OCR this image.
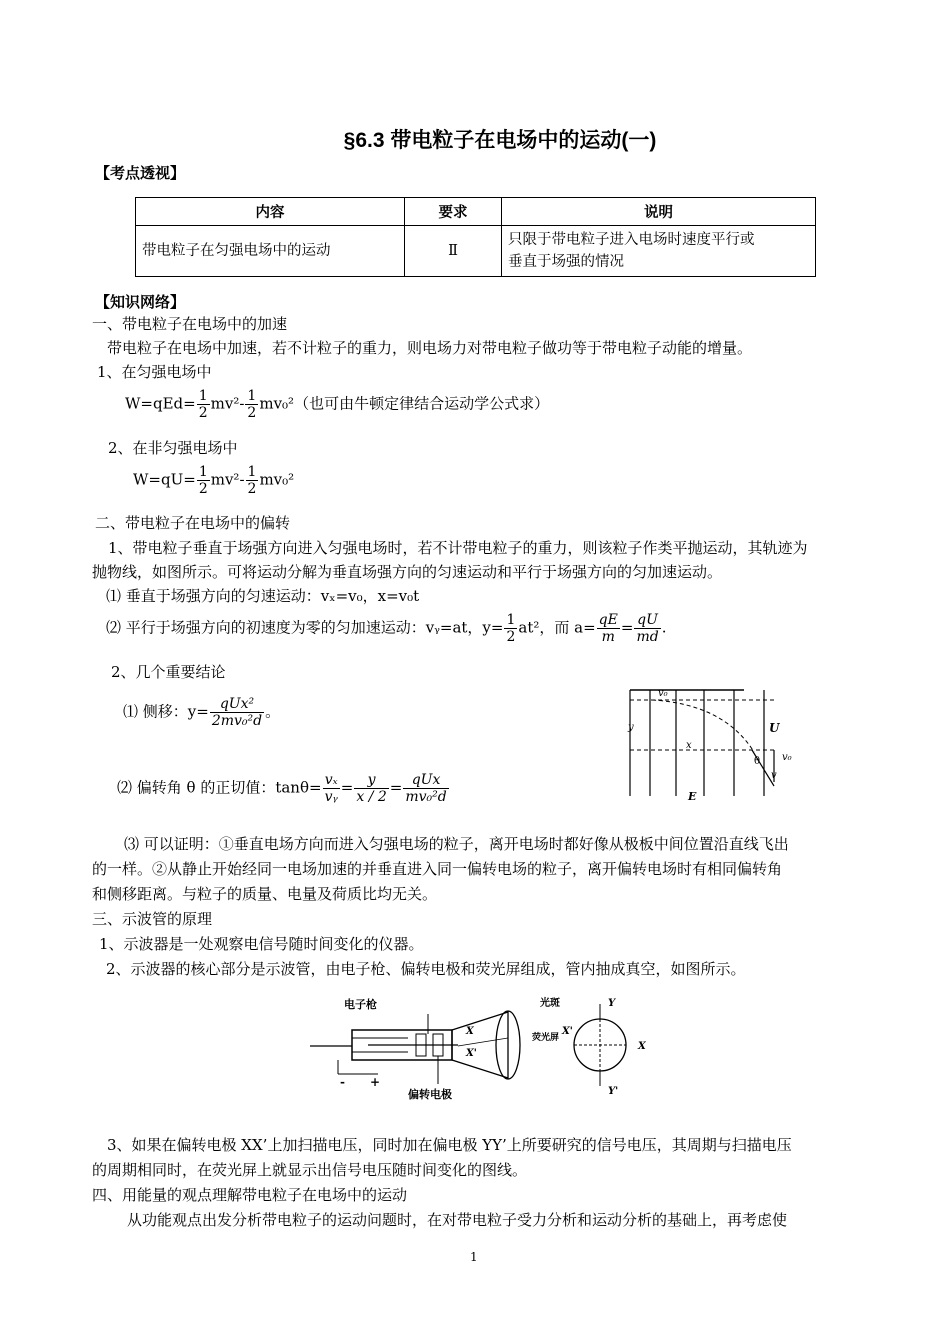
§6.3 带电粒子在电场中的运动(一)
【考点透视】
内容	要求	说明
带电粒子在匀强电场中的运动	Ⅱ	只限于带电粒子进入电场时速度平行或
垂直于场强的情况
【知识网络】
一、带电粒子在电场中的加速
带电粒子在电场中加速，若不计粒子的重力，则电场力对带电粒子做功等于带电粒子动能的增量。
1、在匀强电场中
$W=qEd= \frac{1}{2} mv^2- \frac{1}{2} mv_0^2$（也可由牛顿定律结合运动学公式求）
2、在非匀强电场中
$W=qU= \frac{1}{2} mv^2- \frac{1}{2} mv_0^2$
二、带电粒子在电场中的偏转
1、带电粒子垂直于场强方向进入匀强电场时，若不计带电粒子的重力，则该粒子作类平抛运动，其轨迹为
抛物线，如图所示。可将运动分解为垂直场强方向的匀速运动和平行于场强方向的匀加速运动。
⑴ 垂直于场强方向的匀速运动：vₓ=v₀，x=v₀t
⑵ 平行于场强方向的初速度为零的匀加速运动：vᵧ=at，$y= \frac{1}{2} at^2$，而 $a= \frac{qE}{m} = \frac{qU}{md}$ .
2、几个重要结论
⑴ 侧移：$y= \frac{\text{qUx²}}{\text{2mv₀²d}}$ 。
⑵ 偏转角 θ 的正切值：$\tan\theta= \frac{\text{vₓ}}{\text{vᵧ}} = \frac{y}{x / 2} = \frac{\text{qUx}}{\text{mv₀²d}}$
v₀
y
x
U
θ v₀
v
E
⑶ 可以证明：①垂直电场方向而进入匀强电场的粒子，离开电场时都好像从极板中间位置沿直线飞出
的一样。②从静止开始经同一电场加速的并垂直进入同一偏转电场的粒子，离开偏转电场时有相同偏转角
和侧移距离。与粒子的质量、电量及荷质比均无关。
三、示波管的原理
1、示波器是一处观察电信号随时间变化的仪器。
2、示波器的核心部分是示波管，由电子枪、偏转电极和荧光屏组成，管内抽成真空，如图所示。
电子枪
偏转电极
光斑
荧光屏
Y
Y'
X
X'
X
X'
- +
3、如果在偏转电极 XX’上加扫描电压，同时加在偏电极 YY’上所要研究的信号电压，其周期与扫描电压
的周期相同时，在荧光屏上就显示出信号电压随时间变化的图线。
四、用能量的观点理解带电粒子在电场中的运动
从功能观点出发分析带电粒子的运动问题时，在对带电粒子受力分析和运动分析的基础上，再考虑使
1
